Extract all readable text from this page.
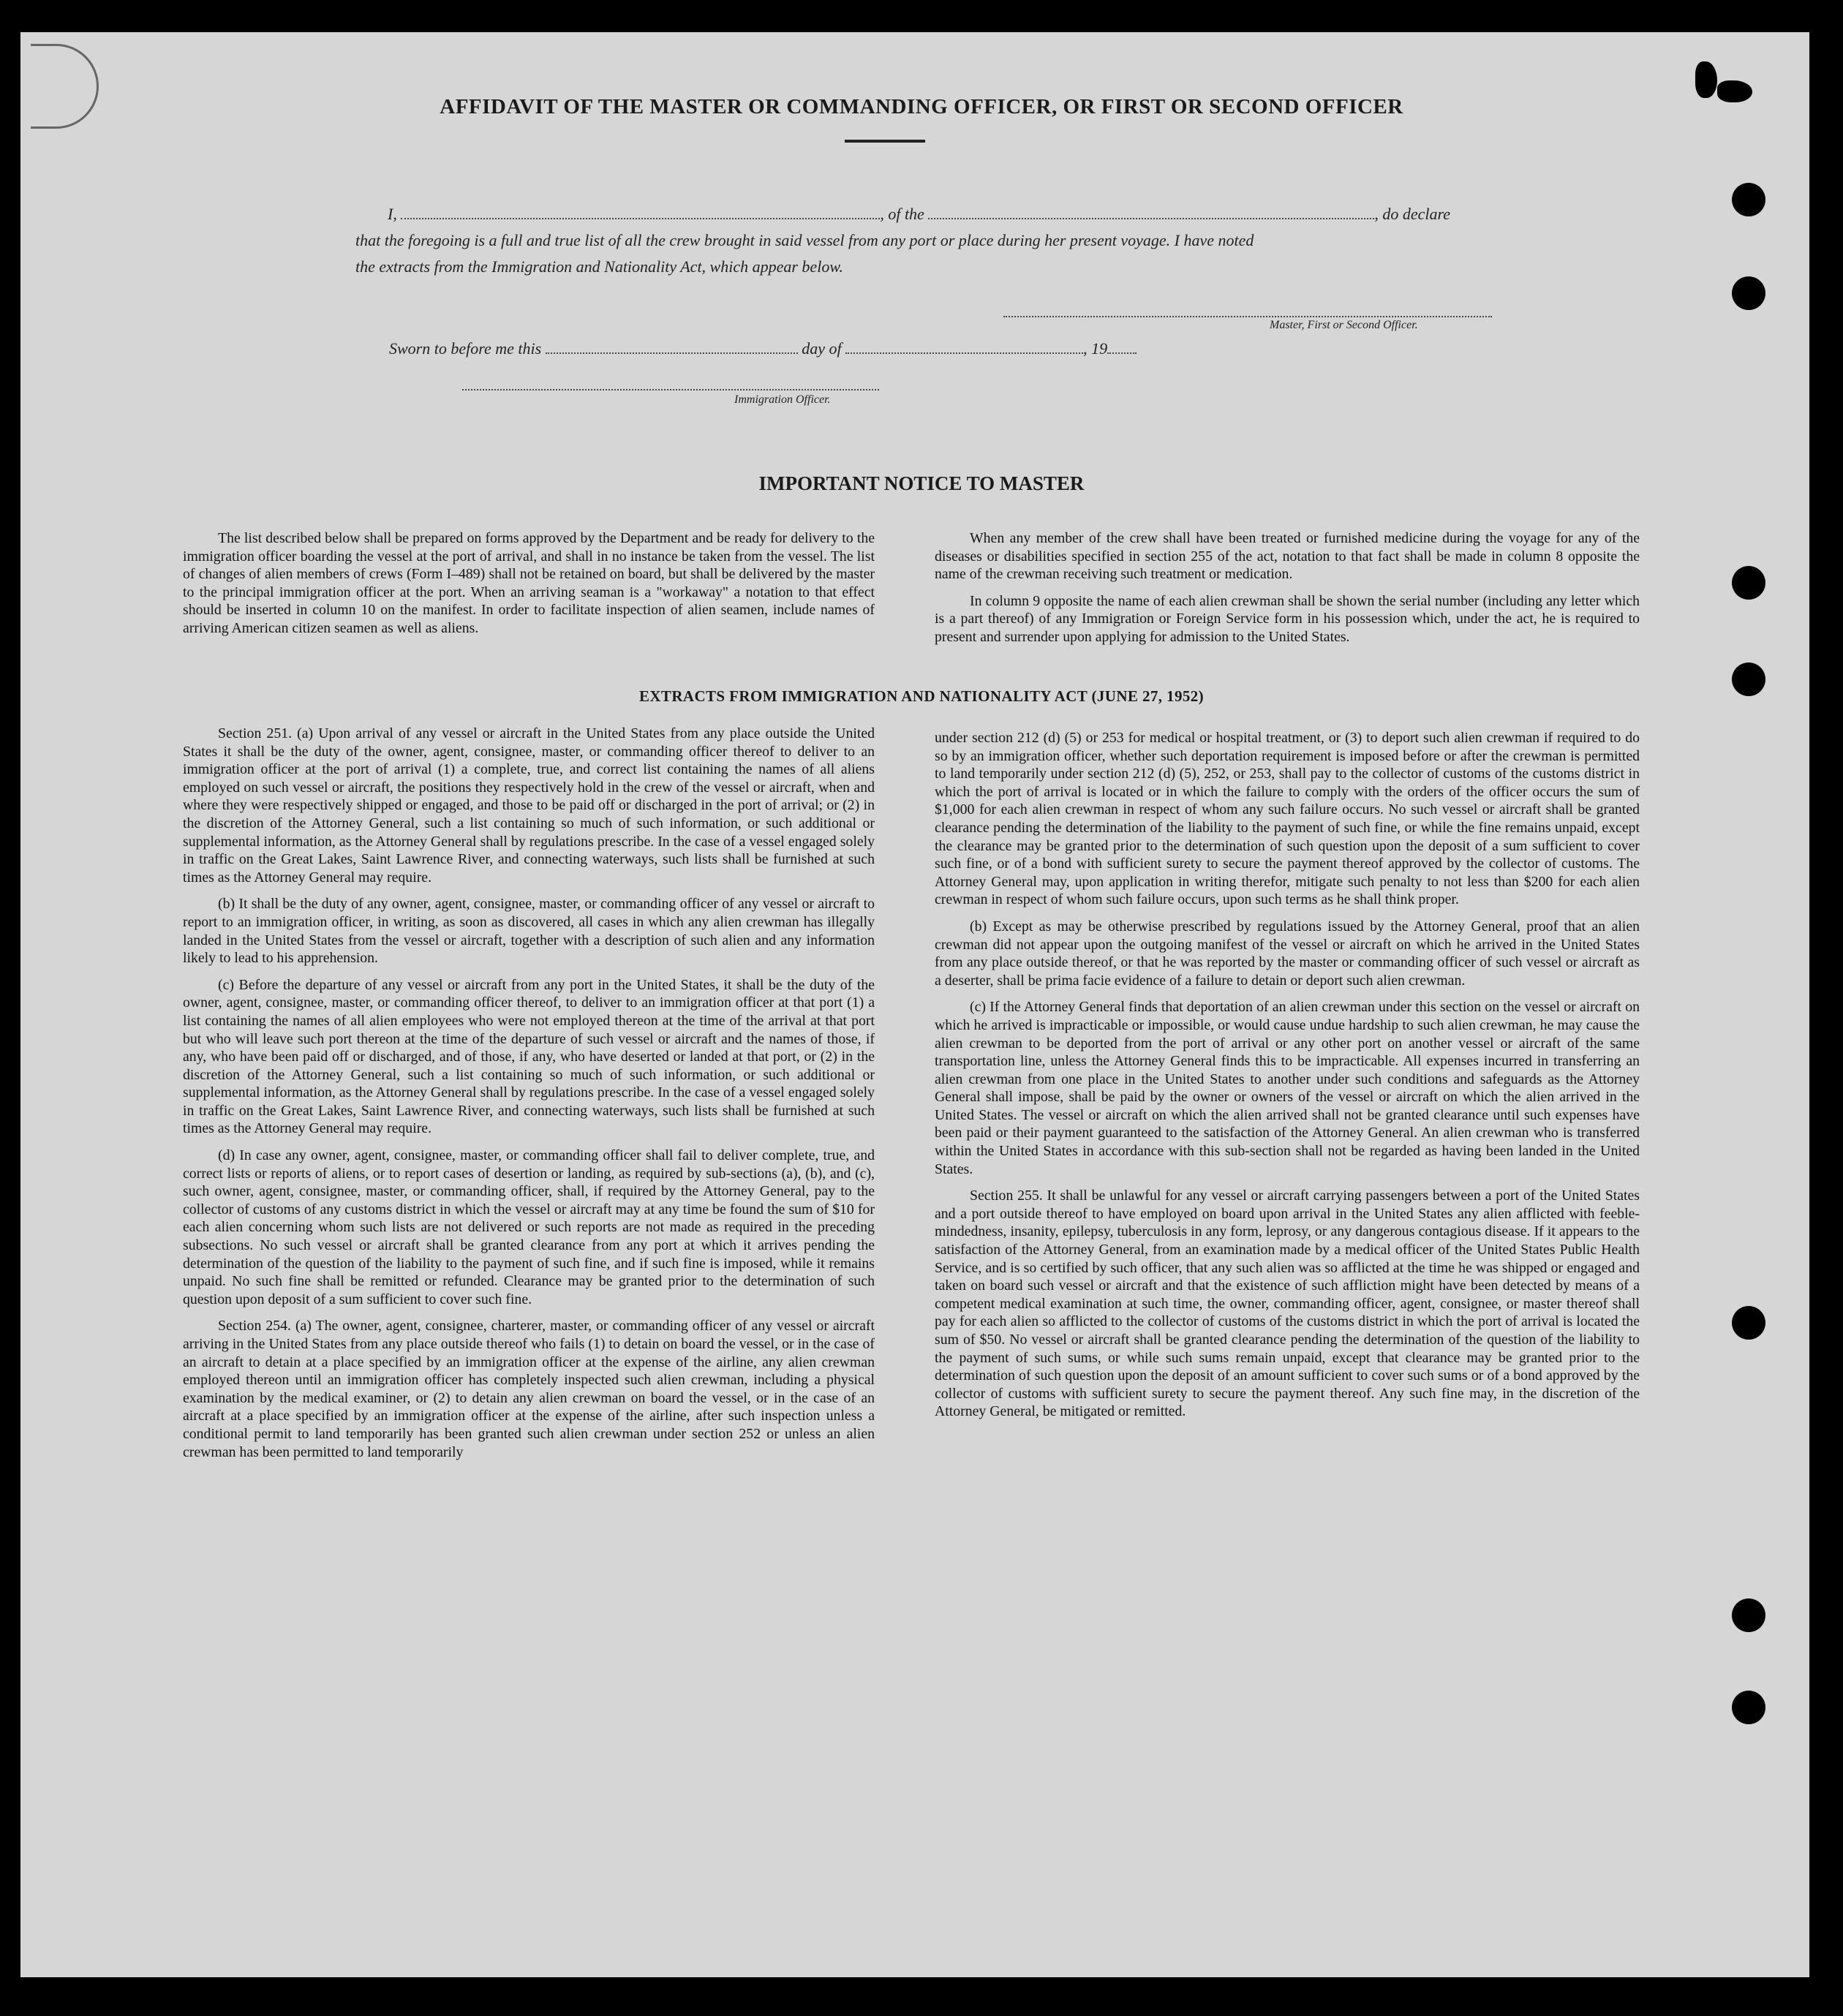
AFFIDAVIT OF THE MASTER OR COMMANDING OFFICER, OR FIRST OR SECOND OFFICER
I,	, of the	, do declare
that the foregoing is a full and true list of all the crew brought in said vessel from any port or place during her present voyage. I have noted
the extracts from the Immigration and Nationality Act, which appear below.
Master, First or Second Officer.
Sworn to before me this	day of	, 19
Immigration Officer.
IMPORTANT NOTICE TO MASTER

The list described below shall be prepared on forms approved by the Department and be ready for delivery to the immigration officer boarding the vessel at the port of arrival, and shall in no instance be taken from the vessel. The list of changes of alien members of crews (Form I–489) shall not be retained on board, but shall be delivered by the master to the principal immigration officer at the port. When an arriving seaman is a "workaway" a notation to that effect should be inserted in column 10 on the manifest. In order to facilitate inspection of alien seamen, include names of arriving American citizen seamen as well as aliens.

When any member of the crew shall have been treated or furnished medicine during the voyage for any of the diseases or disabilities specified in section 255 of the act, notation to that fact shall be made in column 8 opposite the name of the crewman receiving such treatment or medication.

In column 9 opposite the name of each alien crewman shall be shown the serial number (including any letter which is a part thereof) of any Immigration or Foreign Service form in his possession which, under the act, he is required to present and surrender upon applying for admission to the United States.

EXTRACTS FROM IMMIGRATION AND NATIONALITY ACT (JUNE 27, 1952)

Section 251. (a) Upon arrival of any vessel or aircraft in the United States from any place outside the United States it shall be the duty of the owner, agent, consignee, master, or commanding officer thereof to deliver to an immigration officer at the port of arrival (1) a complete, true, and correct list containing the names of all aliens employed on such vessel or aircraft, the positions they respectively hold in the crew of the vessel or aircraft, when and where they were respectively shipped or engaged, and those to be paid off or discharged in the port of arrival; or (2) in the discretion of the Attorney General, such a list containing so much of such information, or such additional or supplemental information, as the Attorney General shall by regulations prescribe. In the case of a vessel engaged solely in traffic on the Great Lakes, Saint Lawrence River, and connecting waterways, such lists shall be furnished at such times as the Attorney General may require.

(b) It shall be the duty of any owner, agent, consignee, master, or commanding officer of any vessel or aircraft to report to an immigration officer, in writing, as soon as discovered, all cases in which any alien crewman has illegally landed in the United States from the vessel or aircraft, together with a description of such alien and any information likely to lead to his apprehension.

(c) Before the departure of any vessel or aircraft from any port in the United States, it shall be the duty of the owner, agent, consignee, master, or commanding officer thereof, to deliver to an immigration officer at that port (1) a list containing the names of all alien employees who were not employed thereon at the time of the arrival at that port but who will leave such port thereon at the time of the departure of such vessel or aircraft and the names of those, if any, who have been paid off or discharged, and of those, if any, who have deserted or landed at that port, or (2) in the discretion of the Attorney General, such a list containing so much of such information, or such additional or supplemental information, as the Attorney General shall by regulations prescribe. In the case of a vessel engaged solely in traffic on the Great Lakes, Saint Lawrence River, and connecting waterways, such lists shall be furnished at such times as the Attorney General may require.

(d) In case any owner, agent, consignee, master, or commanding officer shall fail to deliver complete, true, and correct lists or reports of aliens, or to report cases of desertion or landing, as required by sub-sections (a), (b), and (c), such owner, agent, consignee, master, or commanding officer, shall, if required by the Attorney General, pay to the collector of customs of any customs district in which the vessel or aircraft may at any time be found the sum of $10 for each alien concerning whom such lists are not delivered or such reports are not made as required in the preceding subsections. No such vessel or aircraft shall be granted clearance from any port at which it arrives pending the determination of the question of the liability to the payment of such fine, and if such fine is imposed, while it remains unpaid. No such fine shall be remitted or refunded. Clearance may be granted prior to the determination of such question upon deposit of a sum sufficient to cover such fine.

Section 254. (a) The owner, agent, consignee, charterer, master, or commanding officer of any vessel or aircraft arriving in the United States from any place outside thereof who fails (1) to detain on board the vessel, or in the case of an aircraft to detain at a place specified by an immigration officer at the expense of the airline, any alien crewman employed thereon until an immigration officer has completely inspected such alien crewman, including a physical examination by the medical examiner, or (2) to detain any alien crewman on board the vessel, or in the case of an aircraft at a place specified by an immigration officer at the expense of the airline, after such inspection unless a conditional permit to land temporarily has been granted such alien crewman under section 252 or unless an alien crewman has been permitted to land temporarily

under section 212 (d) (5) or 253 for medical or hospital treatment, or (3) to deport such alien crewman if required to do so by an immigration officer, whether such deportation requirement is imposed before or after the crewman is permitted to land temporarily under section 212 (d) (5), 252, or 253, shall pay to the collector of customs of the customs district in which the port of arrival is located or in which the failure to comply with the orders of the officer occurs the sum of $1,000 for each alien crewman in respect of whom any such failure occurs. No such vessel or aircraft shall be granted clearance pending the determination of the liability to the payment of such fine, or while the fine remains unpaid, except the clearance may be granted prior to the determination of such question upon the deposit of a sum sufficient to cover such fine, or of a bond with sufficient surety to secure the payment thereof approved by the collector of customs. The Attorney General may, upon application in writing therefor, mitigate such penalty to not less than $200 for each alien crewman in respect of whom such failure occurs, upon such terms as he shall think proper.

(b) Except as may be otherwise prescribed by regulations issued by the Attorney General, proof that an alien crewman did not appear upon the outgoing manifest of the vessel or aircraft on which he arrived in the United States from any place outside thereof, or that he was reported by the master or commanding officer of such vessel or aircraft as a deserter, shall be prima facie evidence of a failure to detain or deport such alien crewman.

(c) If the Attorney General finds that deportation of an alien crewman under this section on the vessel or aircraft on which he arrived is impracticable or impossible, or would cause undue hardship to such alien crewman, he may cause the alien crewman to be deported from the port of arrival or any other port on another vessel or aircraft of the same transportation line, unless the Attorney General finds this to be impracticable. All expenses incurred in transferring an alien crewman from one place in the United States to another under such conditions and safeguards as the Attorney General shall impose, shall be paid by the owner or owners of the vessel or aircraft on which the alien arrived in the United States. The vessel or aircraft on which the alien arrived shall not be granted clearance until such expenses have been paid or their payment guaranteed to the satisfaction of the Attorney General. An alien crewman who is transferred within the United States in accordance with this sub-section shall not be regarded as having been landed in the United States.

Section 255. It shall be unlawful for any vessel or aircraft carrying passengers between a port of the United States and a port outside thereof to have employed on board upon arrival in the United States any alien afflicted with feeble-mindedness, insanity, epilepsy, tuberculosis in any form, leprosy, or any dangerous contagious disease. If it appears to the satisfaction of the Attorney General, from an examination made by a medical officer of the United States Public Health Service, and is so certified by such officer, that any such alien was so afflicted at the time he was shipped or engaged and taken on board such vessel or aircraft and that the existence of such affliction might have been detected by means of a competent medical examination at such time, the owner, commanding officer, agent, consignee, or master thereof shall pay for each alien so afflicted to the collector of customs of the customs district in which the port of arrival is located the sum of $50. No vessel or aircraft shall be granted clearance pending the determination of the question of the liability to the payment of such sums, or while such sums remain unpaid, except that clearance may be granted prior to the determination of such question upon the deposit of an amount sufficient to cover such sums or of a bond approved by the collector of customs with sufficient surety to secure the payment thereof. Any such fine may, in the discretion of the Attorney General, be mitigated or remitted.
